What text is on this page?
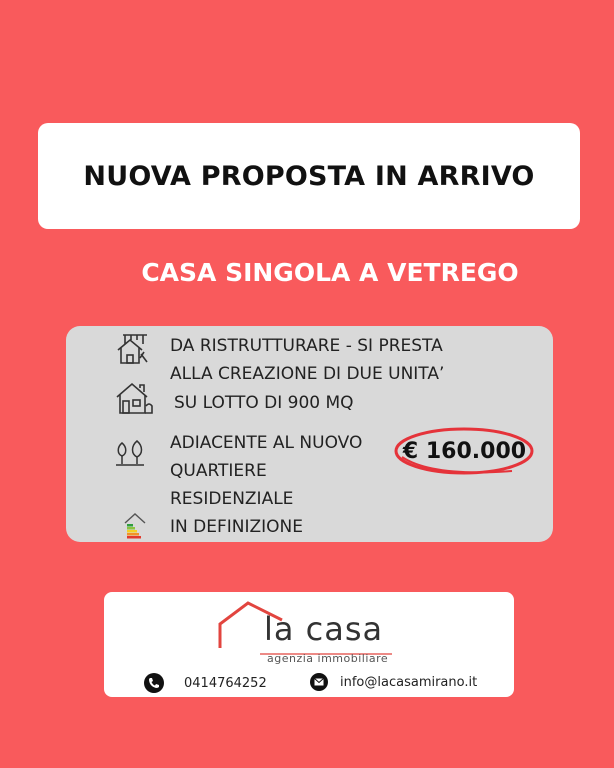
NUOVA PROPOSTA IN ARRIVO
CASA SINGOLA A VETREGO
DA RISTRUTTURARE - SI PRESTA
ALLA CREAZIONE DI DUE UNITA’
SU LOTTO DI 900 MQ
ADIACENTE AL NUOVO
QUARTIERE
RESIDENZIALE
IN DEFINIZIONE
€ 160.000
la casa
agenzia immobiliare
0414764252	info@lacasamirano.it
